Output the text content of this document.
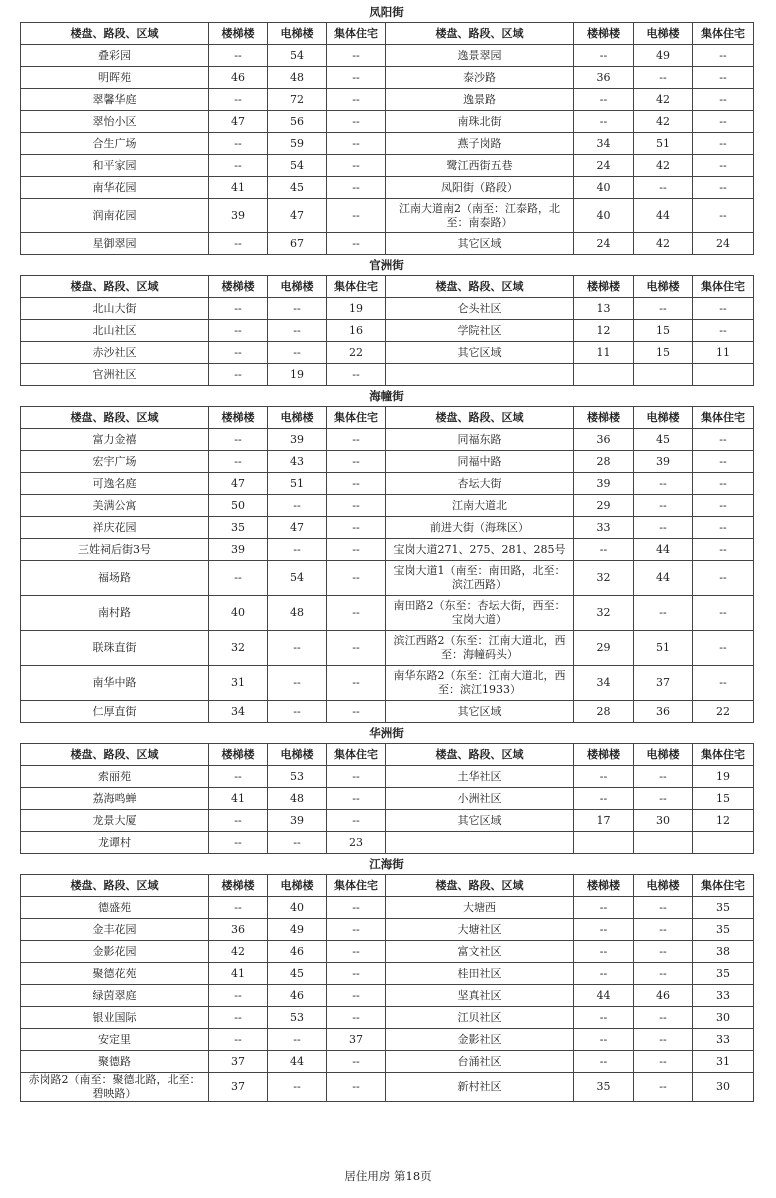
凤阳街
楼盘、路段、区域	楼梯楼	电梯楼	集体住宅	楼盘、路段、区域	楼梯楼	电梯楼	集体住宅
叠彩园	--	54	--	逸景翠园	--	49	--
明晖苑	46	48	--	泰沙路	36	--	--
翠馨华庭	--	72	--	逸景路	--	42	--
翠怡小区	47	56	--	南珠北街	--	42	--
合生广场	--	59	--	燕子岗路	34	51	--
和平家园	--	54	--	鹭江西街五巷	24	42	--
南华花园	41	45	--	凤阳街（路段）	40	--	--
润南花园	39	47	--	江南大道南2（南至：江泰路，北至：南泰路）	40	44	--
星御翠园	--	67	--	其它区域	24	42	24
官洲街
楼盘、路段、区域	楼梯楼	电梯楼	集体住宅	楼盘、路段、区域	楼梯楼	电梯楼	集体住宅
北山大街	--	--	19	仑头社区	13	--	--
北山社区	--	--	16	学院社区	12	15	--
赤沙社区	--	--	22	其它区域	11	15	11
官洲社区	--	19	--				
海幢街
楼盘、路段、区域	楼梯楼	电梯楼	集体住宅	楼盘、路段、区域	楼梯楼	电梯楼	集体住宅
富力金禧	--	39	--	同福东路	36	45	--
宏宇广场	--	43	--	同福中路	28	39	--
可逸名庭	47	51	--	杏坛大街	39	--	--
美满公寓	50	--	--	江南大道北	29	--	--
祥庆花园	35	47	--	前进大街（海珠区）	33	--	--
三姓祠后街3号	39	--	--	宝岗大道271、275、281、285号	--	44	--
福场路	--	54	--	宝岗大道1（南至：南田路，北至：滨江西路）	32	44	--
南村路	40	48	--	南田路2（东至：杏坛大街，西至：宝岗大道）	32	--	--
联珠直街	32	--	--	滨江西路2（东至：江南大道北，西至：海幢码头）	29	51	--
南华中路	31	--	--	南华东路2（东至：江南大道北，西至：滨江1933）	34	37	--
仁厚直街	34	--	--	其它区域	28	36	22
华洲街
楼盘、路段、区域	楼梯楼	电梯楼	集体住宅	楼盘、路段、区域	楼梯楼	电梯楼	集体住宅
索丽苑	--	53	--	土华社区	--	--	19
荔海鸣蝉	41	48	--	小洲社区	--	--	15
龙景大厦	--	39	--	其它区域	17	30	12
龙谭村	--	--	23				
江海街
楼盘、路段、区域	楼梯楼	电梯楼	集体住宅	楼盘、路段、区域	楼梯楼	电梯楼	集体住宅
德盛苑	--	40	--	大塘西	--	--	35
金丰花园	36	49	--	大塘社区	--	--	35
金影花园	42	46	--	富文社区	--	--	38
聚德花苑	41	45	--	桂田社区	--	--	35
绿茵翠庭	--	46	--	坚真社区	44	46	33
银业国际	--	53	--	江贝社区	--	--	30
安定里	--	--	37	金影社区	--	--	33
聚德路	37	44	--	台涌社区	--	--	31
赤岗路2（南至：聚德北路，北至：碧映路）	37	--	--	新村社区	35	--	30
居住用房 第18页
